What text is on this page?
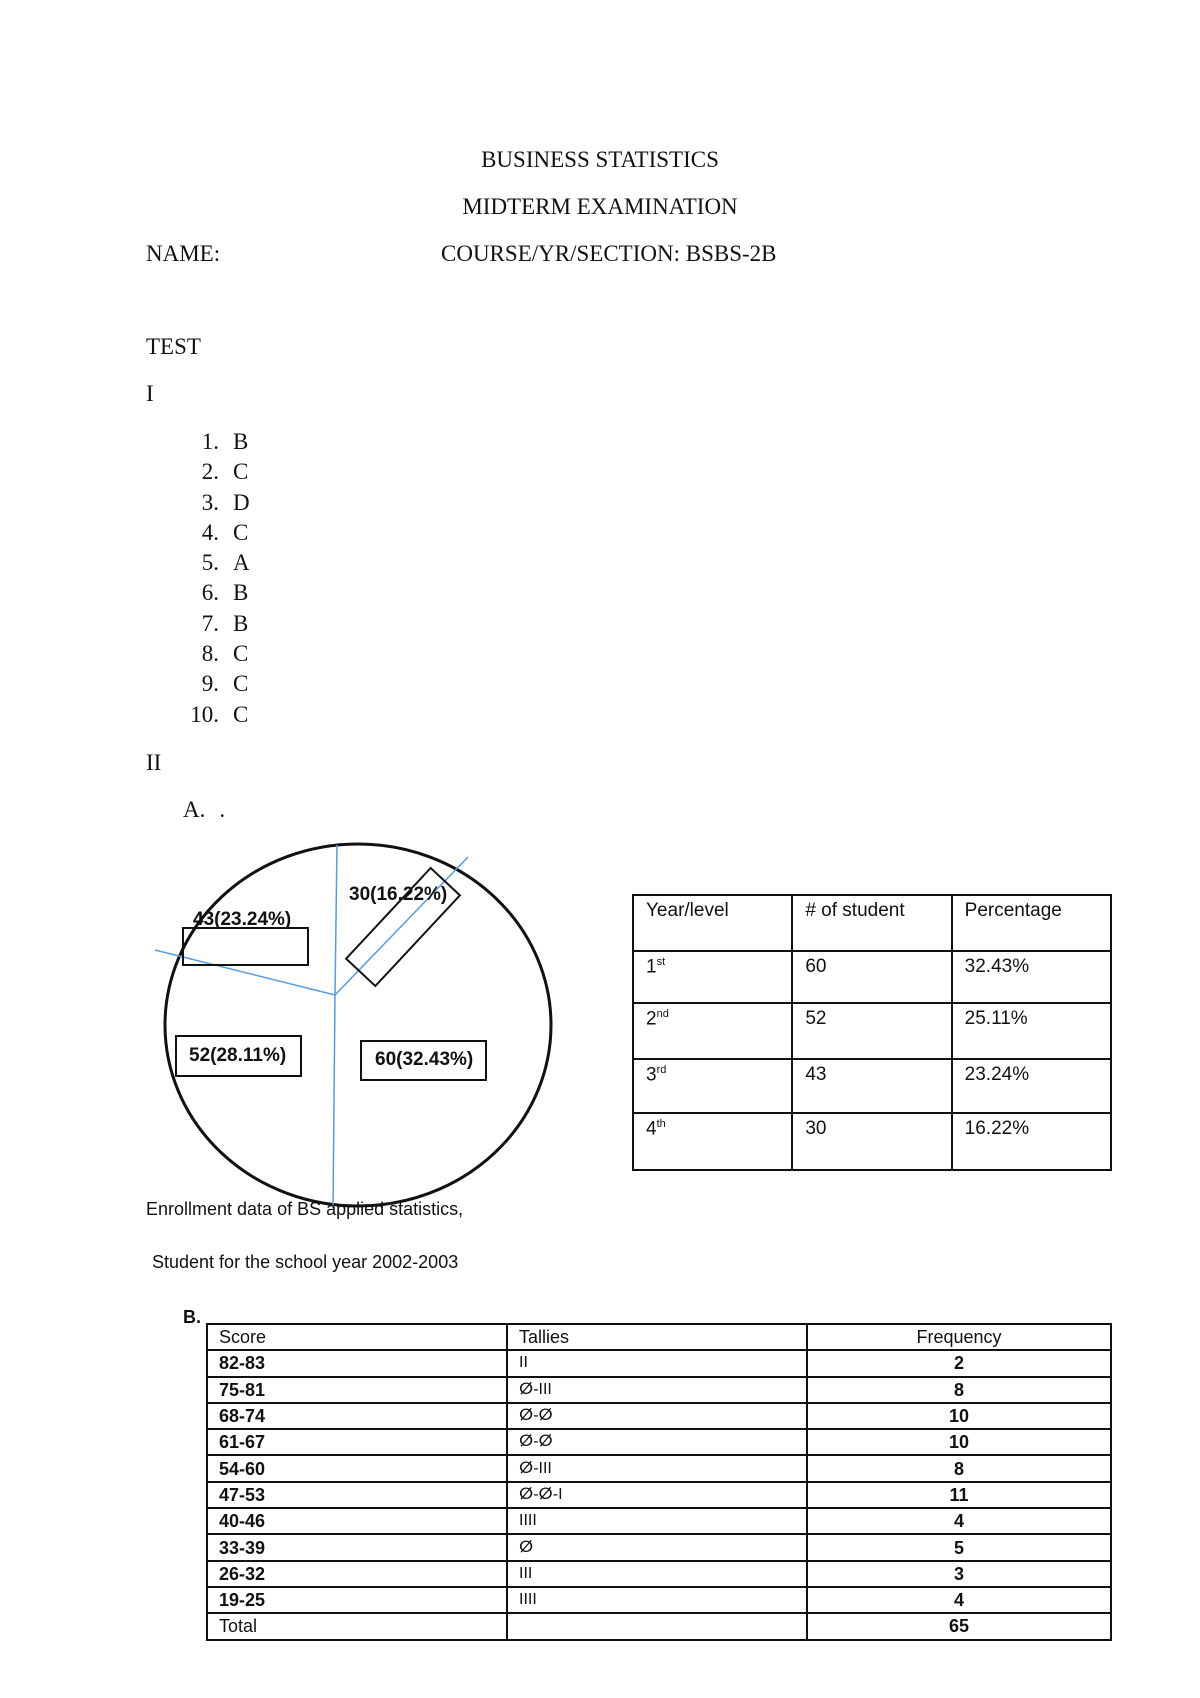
BUSINESS STATISTICS
MIDTERM EXAMINATION
NAME:	COURSE/YR/SECTION: BSBS-2B
TEST
I
1. B
2. C
3. D
4. C
5. A
6. B
7. B
8. C
9. C
10. C
II
A. .
30(16.22%)
43(23.24%)
52(28.11%)	60(32.43%)
Year/level	# of student	Percentage
1st	60	32.43%
2nd	52	25.11%
3rd	43	23.24%
4th	30	16.22%
Enrollment data of BS applied statistics,
Student for the school year 2002-2003
B.
Score	Tallies	Frequency
82-83	II	2
75-81	ⵁ-III	8
68-74	ⵁ-ⵁ	10
61-67	ⵁ-ⵁ	10
54-60	ⵁ-III	8
47-53	ⵁ-ⵁ-I	11
40-46	IIII	4
33-39	ⵁ	5
26-32	III	3
19-25	IIII	4
Total		65
